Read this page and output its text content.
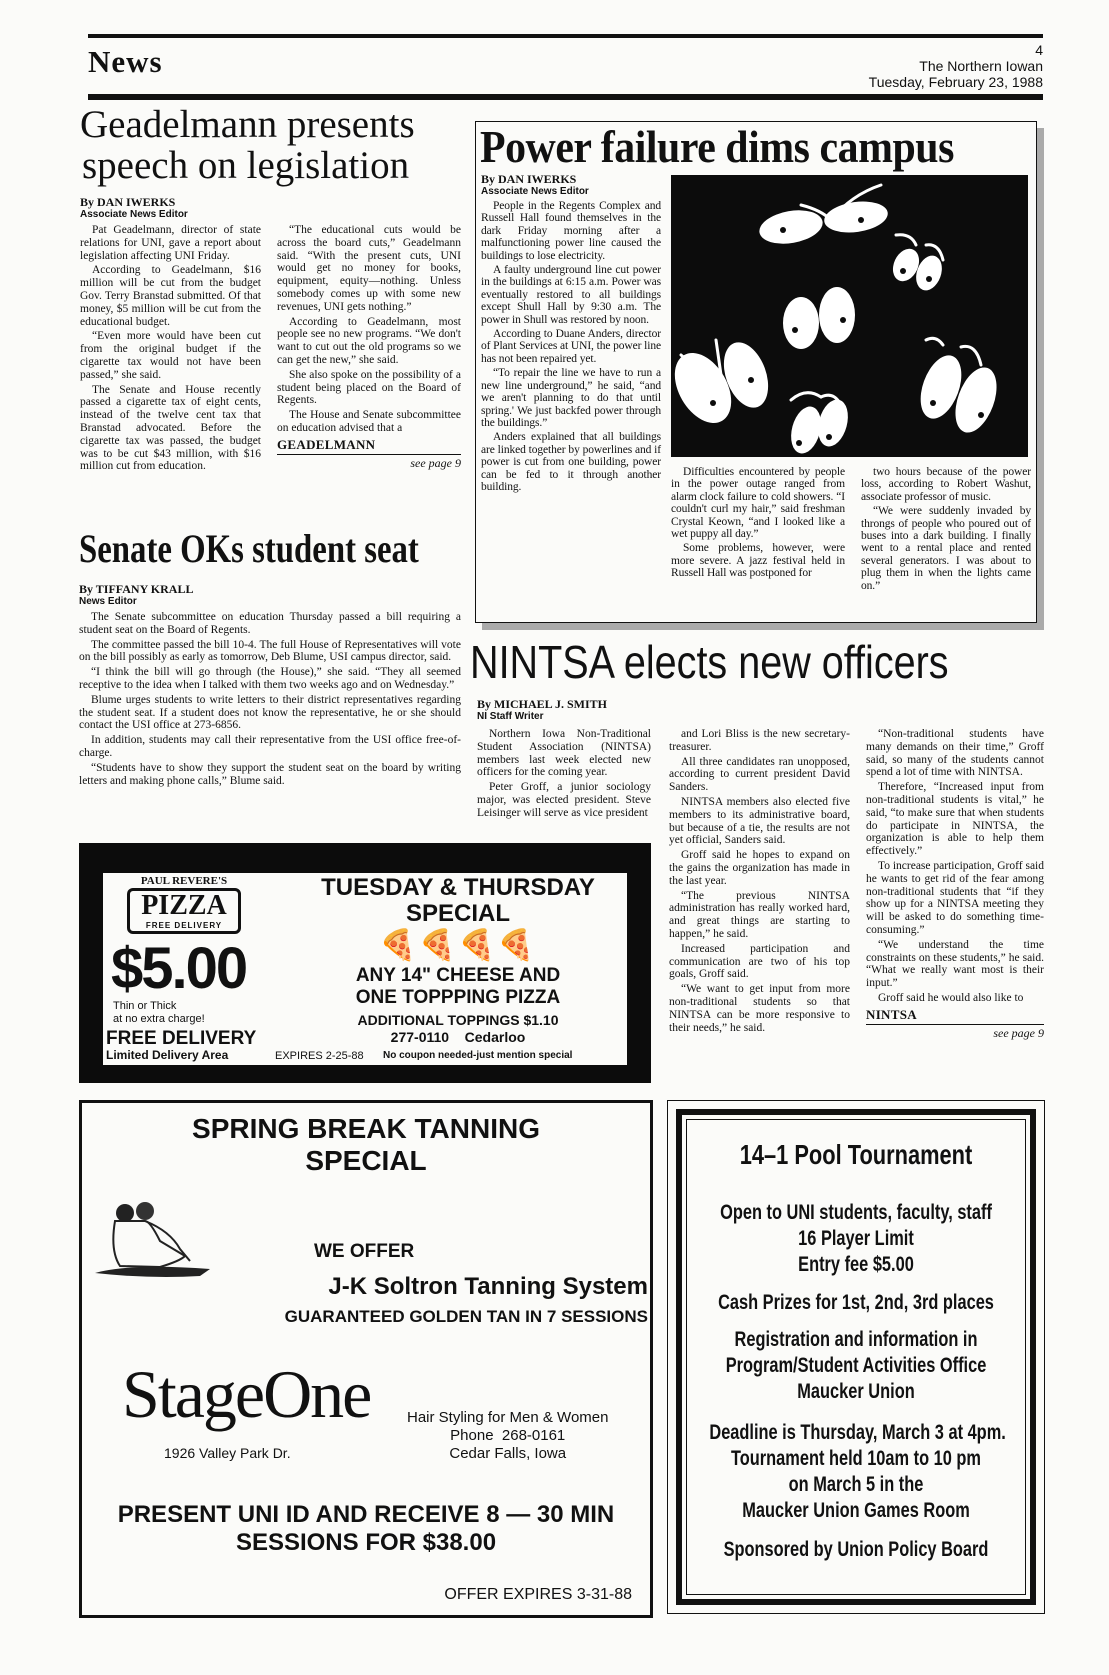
News	4
The Northern Iowan
Tuesday, February 23, 1988
Geadelmann presents
speech on legislation
By DAN IWERKS
Associate News Editor

Pat Geadelmann, director of state relations for UNI, gave a report about legislation affecting UNI Friday.

According to Geadelmann, $16 million will be cut from the budget Gov. Terry Branstad submitted. Of that money, $5 million will be cut from the educational budget.

“Even more would have been cut from the original budget if the cigarette tax would not have been passed,” she said.

The Senate and House recently passed a cigarette tax of eight cents, instead of the twelve cent tax that Branstad advocated. Before the cigarette tax was passed, the budget was to be cut $43 million, with $16 million cut from education.

“The educational cuts would be across the board cuts,” Geadelmann said. “With the present cuts, UNI would get no money for books, equipment, equity—nothing. Unless somebody comes up with some new revenues, UNI gets nothing.”

According to Geadelmann, most people see no new programs. “We don't want to cut out the old programs so we can get the new,” she said.

She also spoke on the possibility of a student being placed on the Board of Regents.

The House and Senate subcommittee on education advised that a

GEADELMANN
see page 9
Power failure dims campus
By DAN IWERKS
Associate News Editor

People in the Regents Complex and Russell Hall found themselves in the dark Friday morning after a malfunctioning power line caused the buildings to lose electricity.

A faulty underground line cut power in the buildings at 6:15 a.m. Power was eventually restored to all buildings except Shull Hall by 9:30 a.m. The power in Shull was restored by noon.

According to Duane Anders, director of Plant Services at UNI, the power line has not been repaired yet.

“To repair the line we have to run a new line underground,” he said, “and we aren't planning to do that until spring.' We just backfed power through the buildings.”

Anders explained that all buildings are linked together by powerlines and if power is cut from one building, power can be fed to it through another building.

Difficulties encountered by people in the power outage ranged from alarm clock failure to cold showers. “I couldn't curl my hair,” said freshman Crystal Keown, “and I looked like a wet puppy all day.”

Some problems, however, were more severe. A jazz festival held in Russell Hall was postponed for

two hours because of the power loss, according to Robert Washut, associate professor of music.

“We were suddenly invaded by throngs of people who poured out of buses into a dark building. I finally went to a rental place and rented several generators. I was about to plug them in when the lights came on.”

Senate OKs student seat
By TIFFANY KRALL
News Editor

The Senate subcommittee on education Thursday passed a bill requiring a student seat on the Board of Regents.

The committee passed the bill 10-4. The full House of Representatives will vote on the bill possibly as early as tomorrow, Deb Blume, USI campus director, said.

“I think the bill will go through (the House),” she said. “They all seemed receptive to the idea when I talked with them two weeks ago and on Wednesday.”

Blume urges students to write letters to their district representatives regarding the student seat. If a student does not know the representative, he or she should contact the USI office at 273-6856.

In addition, students may call their representative from the USI office free-of-charge.

“Students have to show they support the student seat on the board by writing letters and making phone calls,” Blume said.

NINTSA elects new officers
By MICHAEL J. SMITH
NI Staff Writer

Northern Iowa Non-Traditional Student Association (NINTSA) members last week elected new officers for the coming year.

Peter Groff, a junior sociology major, was elected president. Steve Leisinger will serve as vice president

and Lori Bliss is the new secretary-treasurer.

All three candidates ran unopposed, according to current president David Sanders.

NINTSA members also elected five members to its administrative board, but because of a tie, the results are not yet official, Sanders said.

Groff said he hopes to expand on the gains the organization has made in the last year.

“The previous NINTSA administration has really worked hard, and great things are starting to happen,” he said.

Increased participation and communication are two of his top goals, Groff said.

“We want to get input from more non-traditional students so that NINTSA can be more responsive to their needs,” he said.

“Non-traditional students have many demands on their time,” Groff said, so many of the students cannot spend a lot of time with NINTSA.

Therefore, “Increased input from non-traditional students is vital,” he said, “to make sure that when students do participate in NINTSA, the organization is able to help them effectively.”

To increase participation, Groff said he wants to get rid of the fear among non-traditional students that “if they show up for a NINTSA meeting they will be asked to do something time-consuming.”

“We understand the time constraints on these students,” he said. “What we really want most is their input.”

Groff said he would also like to

NINTSA
see page 9
PAUL REVERE'S
PIZZA
FREE DELIVERY
$5.00
Thin or Thick
at no extra charge!
FREE DELIVERY
Limited Delivery Area
TUESDAY & THURSDAY
SPECIAL
🍕🍕🍕🍕
ANY 14" CHEESE AND
ONE TOPPPING PIZZA
ADDITIONAL TOPPINGS $1.10
277-0110 Cedarloo
EXPIRES 2-25-88 No coupon needed-just mention special
SPRING BREAK TANNING
SPECIAL
WE OFFER
J-K Soltron Tanning System
GUARANTEED GOLDEN TAN IN 7 SESSIONS
StageOne Hair Styling for Men & Women
Phone  268-0161
Cedar Falls, Iowa
1926 Valley Park Dr.
PRESENT UNI ID AND RECEIVE 8 — 30 MIN
SESSIONS FOR $38.00
OFFER EXPIRES 3-31-88
14–1 Pool Tournament
Open to UNI students, faculty, staff
16 Player Limit
Entry fee $5.00
Cash Prizes for 1st, 2nd, 3rd places
Registration and information in
Program/Student Activities Office
Maucker Union
Deadline is Thursday, March 3 at 4pm.
Tournament held 10am to 10 pm
on March 5 in the
Maucker Union Games Room
Sponsored by Union Policy Board
